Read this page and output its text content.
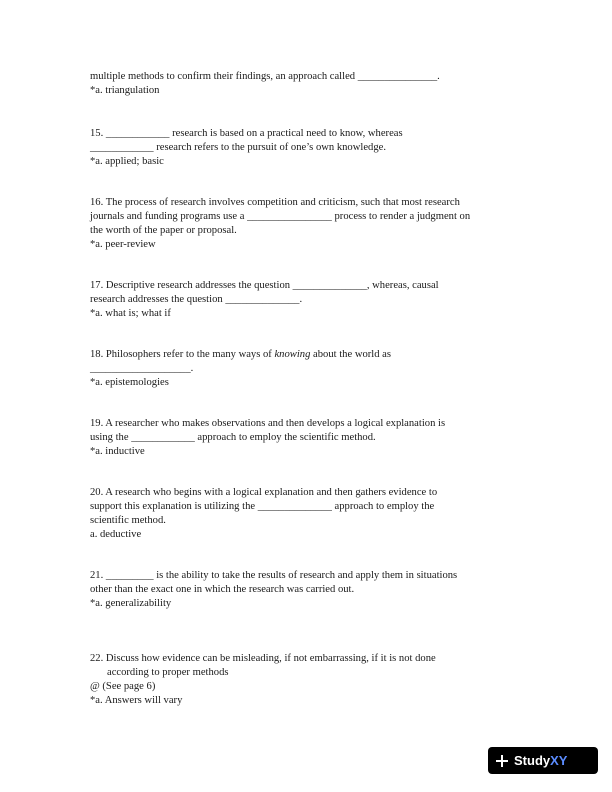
multiple methods to confirm their findings, an approach called _______________.
*a. triangulation
15. ____________ research is based on a practical need to know, whereas
____________ research refers to the pursuit of one’s own knowledge.
*a. applied; basic
16. The process of research involves competition and criticism, such that most research
journals and funding programs use a ________________ process to render a judgment on
the worth of the paper or proposal.
*a. peer-review
17. Descriptive research addresses the question ______________, whereas, causal
research addresses the question ______________.
*a. what is; what if
18. Philosophers refer to the many ways of knowing about the world as
___________________.
*a. epistemologies
19. A researcher who makes observations and then develops a logical explanation is
using the ____________ approach to employ the scientific method.
*a. inductive
20. A research who begins with a logical explanation and then gathers evidence to
support this explanation is utilizing the ______________ approach to employ the
scientific method.
a. deductive
21. _________ is the ability to take the results of research and apply them in situations
other than the exact one in which the research was carried out.
*a. generalizability
22. Discuss how evidence can be misleading, if not embarrassing, if it is not done
according to proper methods
@ (See page 6)
*a. Answers will vary
Study XY
